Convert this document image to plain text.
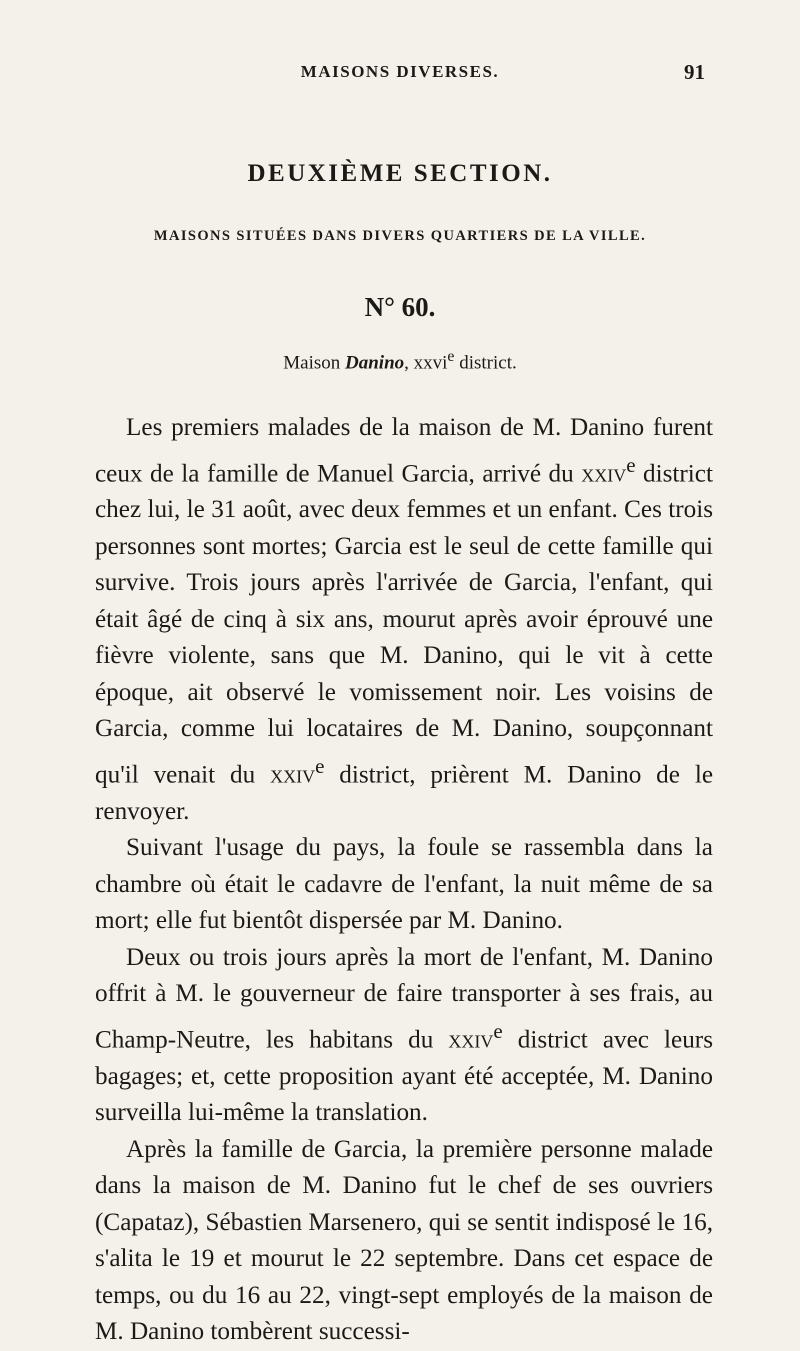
MAISONS DIVERSES.	91
DEUXIÈME SECTION.
MAISONS SITUÉES DANS DIVERS QUARTIERS DE LA VILLE.
N° 60.
Maison Danino, xxvi$^e$ district.

Les premiers malades de la maison de M. Danino furent ceux de la famille de Manuel Garcia, arrivé du xxiv$^e$ district chez lui, le 31 août, avec deux femmes et un enfant. Ces trois personnes sont mortes; Garcia est le seul de cette famille qui survive. Trois jours après l'arrivée de Garcia, l'enfant, qui était âgé de cinq à six ans, mourut après avoir éprouvé une fièvre violente, sans que M. Danino, qui le vit à cette époque, ait observé le vomissement noir. Les voisins de Garcia, comme lui locataires de M. Danino, soupçonnant qu'il venait du xxiv$^e$ district, prièrent M. Danino de le renvoyer.

Suivant l'usage du pays, la foule se rassembla dans la chambre où était le cadavre de l'enfant, la nuit même de sa mort; elle fut bientôt dispersée par M. Danino.

Deux ou trois jours après la mort de l'enfant, M. Danino offrit à M. le gouverneur de faire transporter à ses frais, au Champ-Neutre, les habitans du xxiv$^e$ district avec leurs bagages; et, cette proposition ayant été acceptée, M. Danino surveilla lui-même la translation.

Après la famille de Garcia, la première personne malade dans la maison de M. Danino fut le chef de ses ouvriers (Capataz), Sébastien Marsenero, qui se sentit indisposé le 16, s'alita le 19 et mourut le 22 septembre. Dans cet espace de temps, ou du 16 au 22, vingt-sept employés de la maison de M. Danino tombèrent successi-
